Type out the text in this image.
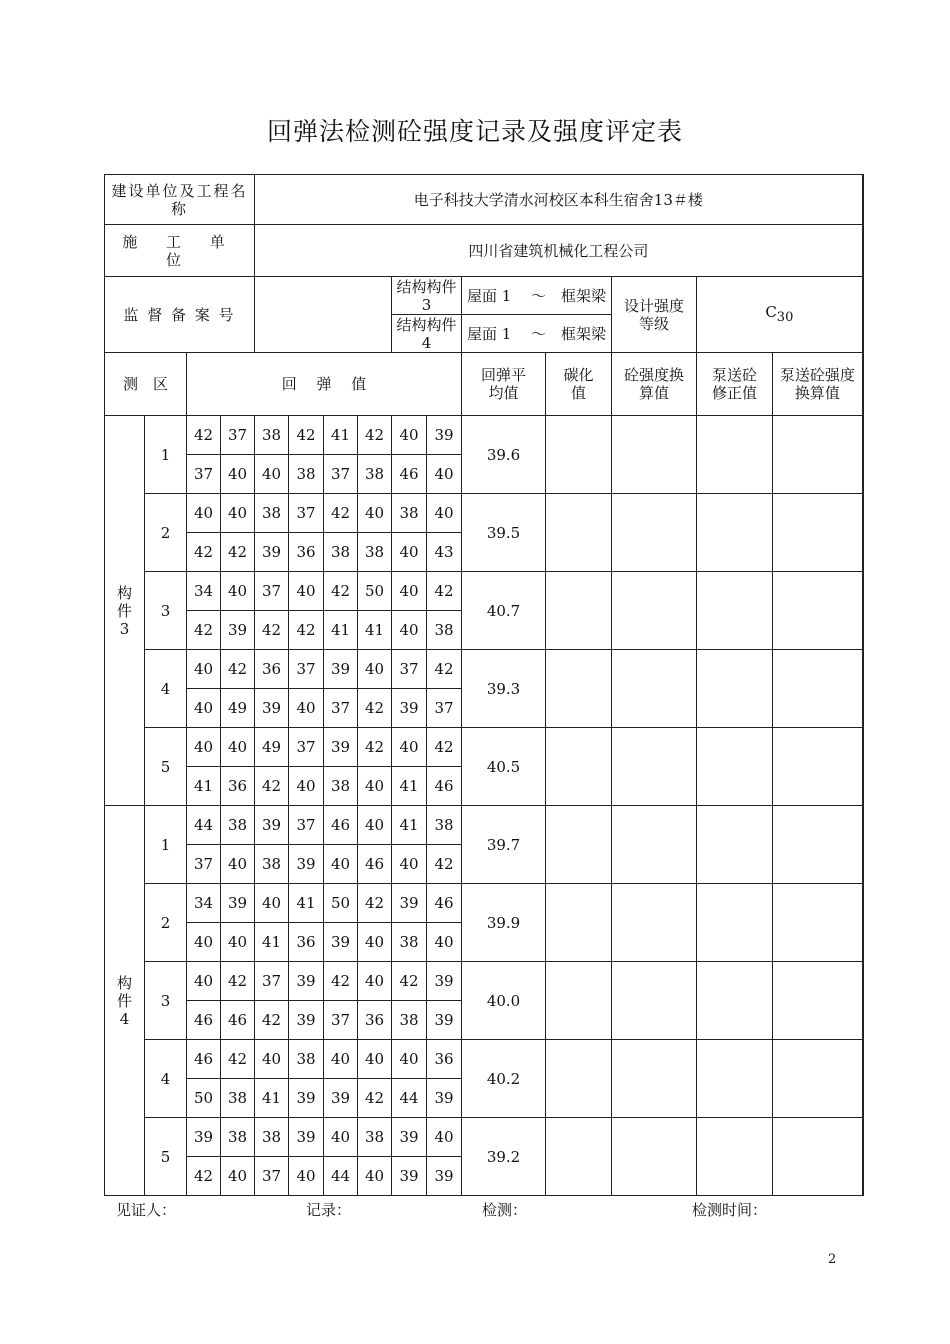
回弹法检测砼强度记录及强度评定表
建设单位及工程名称				电子科技大学清水河校区本科生宿舍13＃楼										
施 工 单 位				四川省建筑机械化工程公司										
监 督 备 案 号								结构构件 3		屋面 1　 ～　框架梁		设计强度等级	$C_{30}$
								结构构件 4		屋面 1　 ～　框架梁				
测　区		回　 弹　 值								回弹平均值	碳化值	砼强度换算值	泵送砼修正值	泵送砼强度换算值

构
件
3	1	42	37	38	42	41	42	40	39	39.6				
		37	40	40	38	37	38	46	40					
	2	40	40	38	37	42	40	38	40	39.5				
		42	42	39	36	38	38	40	43					
	3	34	40	37	40	42	50	40	42	40.7				
		42	39	42	42	41	41	40	38					
	4	40	42	36	37	39	40	37	42	39.3				
		40	49	39	40	37	42	39	37					
	5	40	40	49	37	39	42	40	42	40.5				
		41	36	42	40	38	40	41	46					

构
件
4	1	44	38	39	37	46	40	41	38	39.7				
		37	40	38	39	40	46	40	42					
	2	34	39	40	41	50	42	39	46	39.9				
		40	40	41	36	39	40	38	40					
	3	40	42	37	39	42	40	42	39	40.0				
		46	46	42	39	37	36	38	39					
	4	46	42	40	38	40	40	40	36	40.2				
		50	38	41	39	39	42	44	39					
	5	39	38	38	39	40	38	39	40	39.2				
		42	40	37	40	44	40	39	39					
见证人：	记录：	检测：	检测时间：
2
